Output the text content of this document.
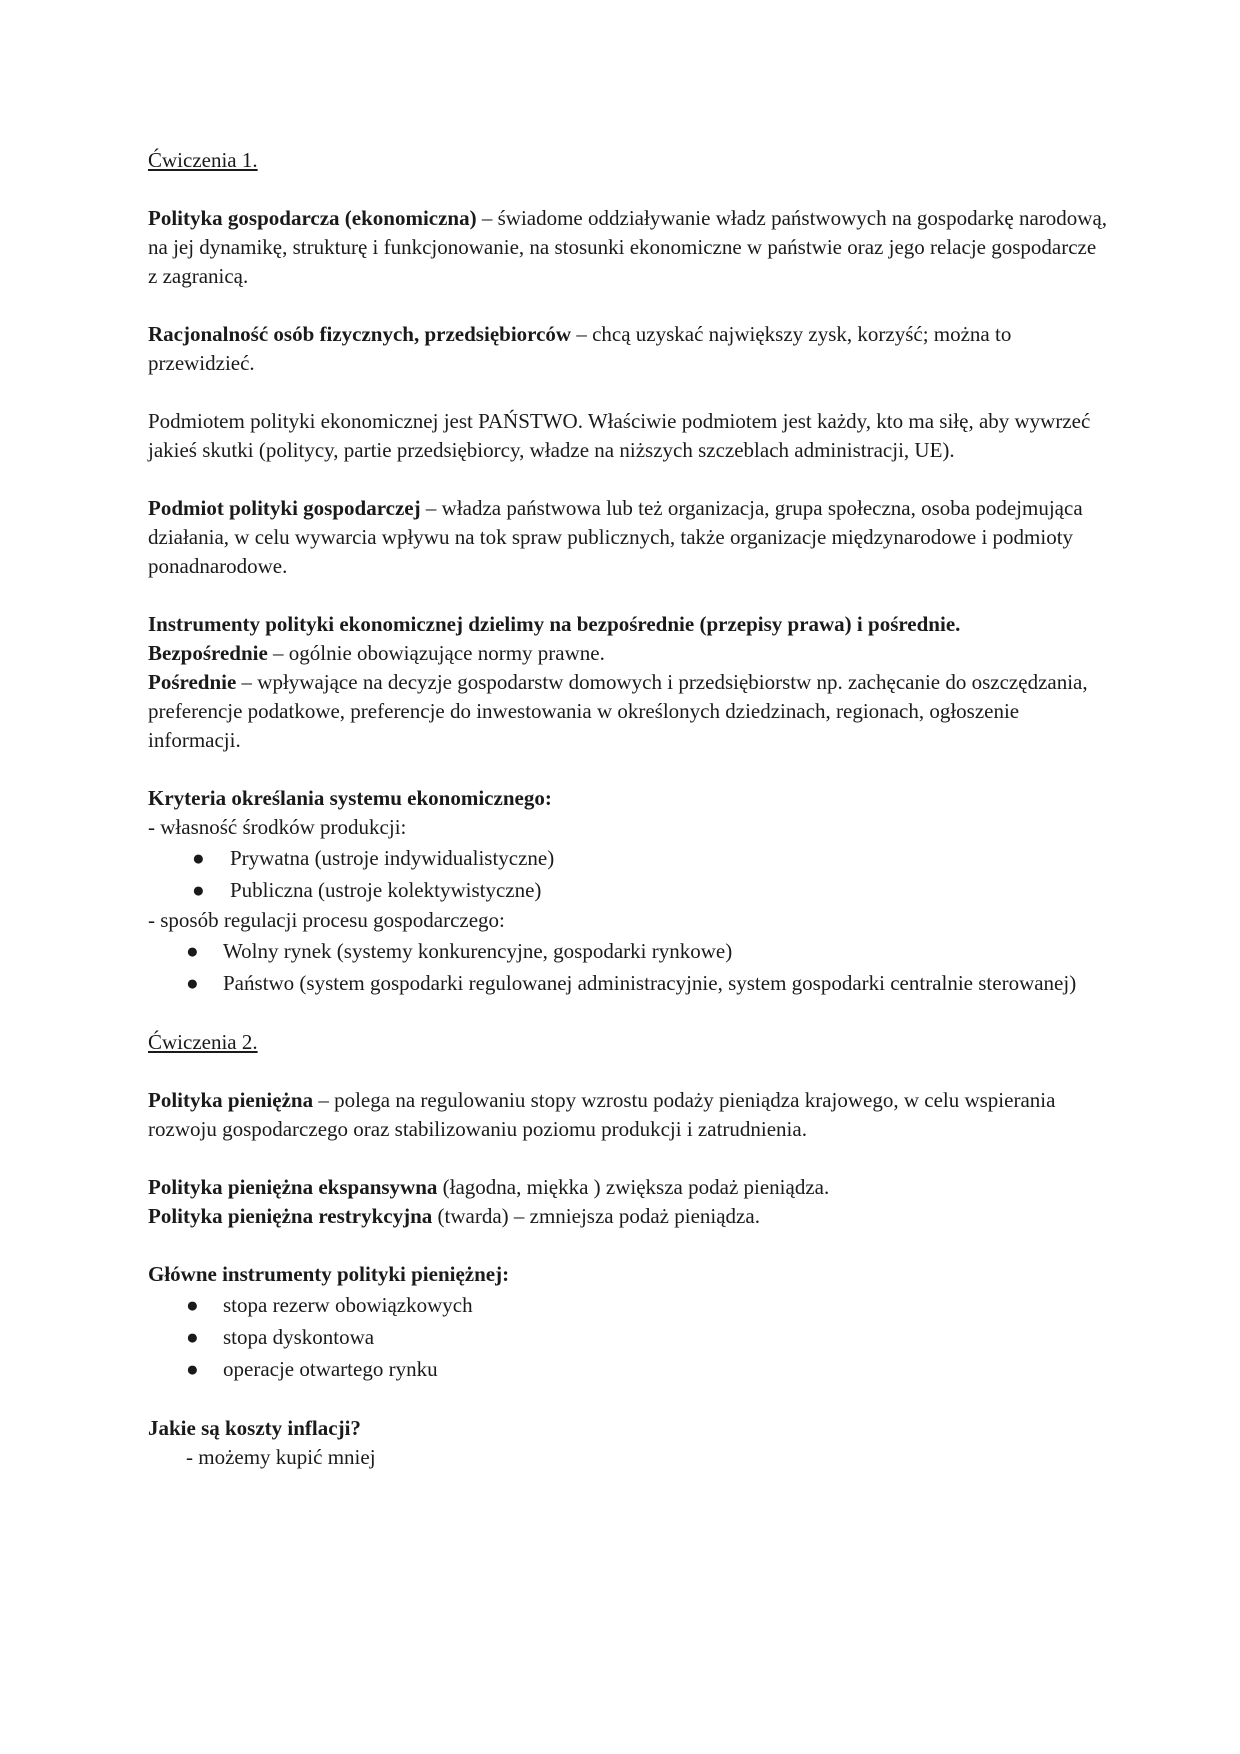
Ćwiczenia 1.

Polityka gospodarcza (ekonomiczna) – świadome oddziaływanie władz państwowych na gospodarkę narodową, na jej dynamikę, strukturę i funkcjonowanie, na stosunki ekonomiczne w państwie oraz jego relacje gospodarcze z zagranicą.

Racjonalność osób fizycznych, przedsiębiorców – chcą uzyskać największy zysk, korzyść; można to przewidzieć.

Podmiotem polityki ekonomicznej jest PAŃSTWO. Właściwie podmiotem jest każdy, kto ma siłę, aby wywrzeć jakieś skutki (politycy, partie przedsiębiorcy, władze na niższych szczeblach administracji, UE).

Podmiot polityki gospodarczej – władza państwowa lub też organizacja, grupa społeczna, osoba podejmująca działania, w celu wywarcia wpływu na tok spraw publicznych, także organizacje międzynarodowe i podmioty ponadnarodowe.

Instrumenty polityki ekonomicznej dzielimy na bezpośrednie (przepisy prawa) i pośrednie.

Bezpośrednie – ogólnie obowiązujące normy prawne.

Pośrednie – wpływające na decyzje gospodarstw domowych i przedsiębiorstw np. zachęcanie do oszczędzania, preferencje podatkowe, preferencje do inwestowania w określonych dziedzinach, regionach, ogłoszenie informacji.

Kryteria określania systemu ekonomicznego:

- własność środków produkcji:

● Prywatna (ustroje indywidualistyczne)
● Publiczna (ustroje kolektywistyczne)

- sposób regulacji procesu gospodarczego:

● Wolny rynek (systemy konkurencyjne, gospodarki rynkowe)
● Państwo (system gospodarki regulowanej administracyjnie, system gospodarki centralnie sterowanej)

Ćwiczenia 2.

Polityka pieniężna – polega na regulowaniu stopy wzrostu podaży pieniądza krajowego, w celu wspierania rozwoju gospodarczego oraz stabilizowaniu poziomu produkcji i zatrudnienia.

Polityka pieniężna ekspansywna (łagodna, miękka ) zwiększa podaż pieniądza.

Polityka pieniężna restrykcyjna (twarda) – zmniejsza podaż pieniądza.

Główne instrumenty polityki pieniężnej:

● stopa rezerw obowiązkowych
● stopa dyskontowa
● operacje otwartego rynku

Jakie są koszty inflacji?

- możemy kupić mniej
